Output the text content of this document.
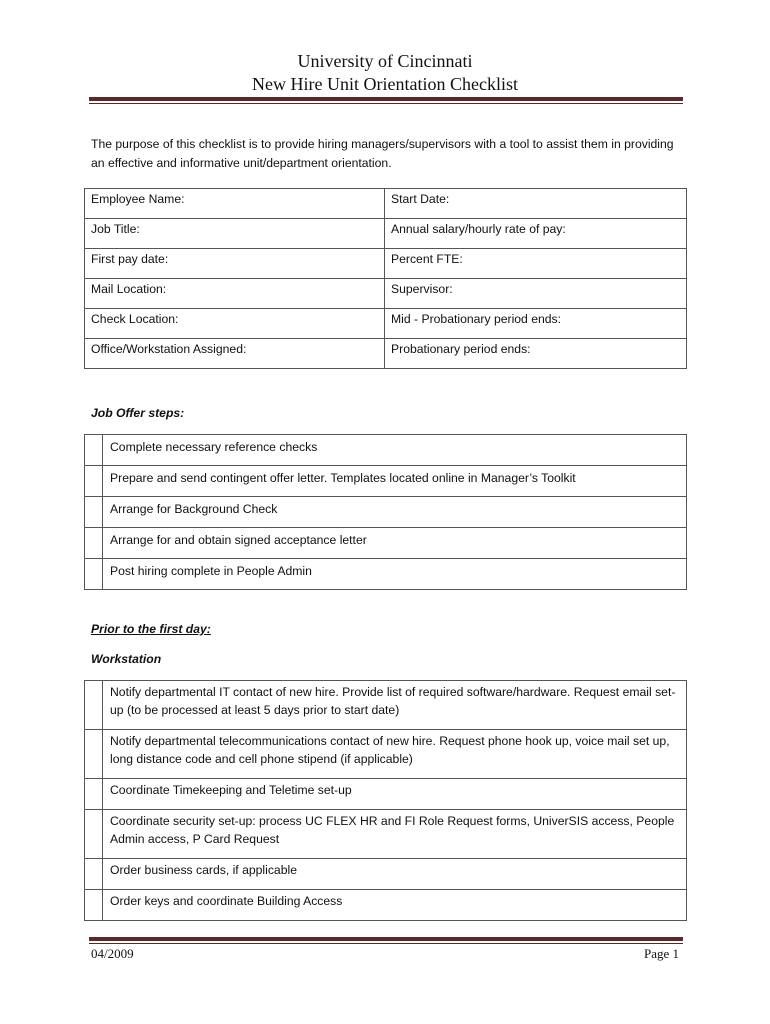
University of Cincinnati
New Hire Unit Orientation Checklist
The purpose of this checklist is to provide hiring managers/supervisors with a tool to assist them in providing an effective and informative unit/department orientation.
Employee Name:	Start Date:
Job Title:	Annual salary/hourly rate of pay:
First pay date:	Percent FTE:
Mail Location:	Supervisor:
Check Location:	Mid - Probationary period ends:
Office/Workstation Assigned:	Probationary period ends:
Job Offer steps:
	Complete necessary reference checks
	Prepare and send contingent offer letter. Templates located online in Manager’s Toolkit
	Arrange for Background Check
	Arrange for and obtain signed acceptance letter
	Post hiring complete in People Admin
Prior to the first day:
Workstation
	Notify departmental IT contact of new hire. Provide list of required software/hardware. Request email set-up (to be processed at least 5 days prior to start date)
	Notify departmental telecommunications contact of new hire. Request phone hook up, voice mail set up, long distance code and cell phone stipend (if applicable)
	Coordinate Timekeeping and Teletime set-up
	Coordinate security set-up: process UC FLEX HR and FI Role Request forms, UniverSIS access, People Admin access, P Card Request
	Order business cards, if applicable
	Order keys and coordinate Building Access
04/2009	Page 1
